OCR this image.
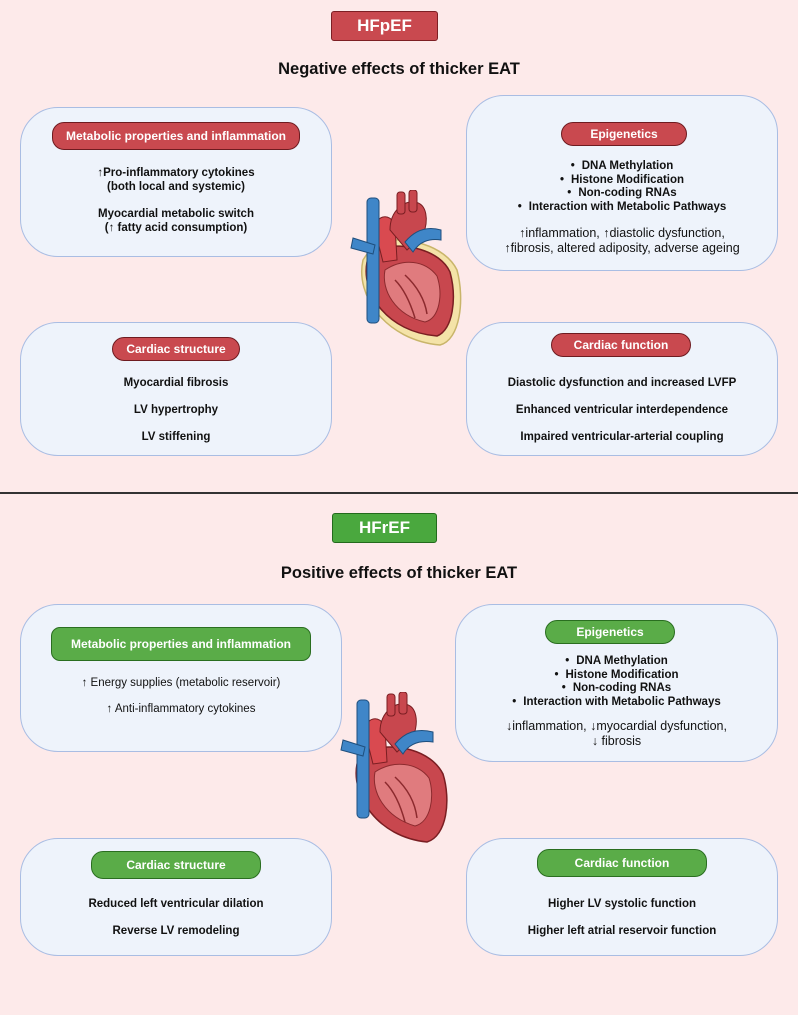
HFpEF
Negative effects of thicker EAT
Metabolic properties and inflammation
↑Pro-inflammatory cytokines
(both local and systemic)
Myocardial metabolic switch
(↑ fatty acid consumption)
Epigenetics
• DNA Methylation
• Histone Modification
• Non-coding RNAs
• Interaction with Metabolic Pathways
↑inflammation, ↑diastolic dysfunction,
↑fibrosis, altered adiposity, adverse ageing
Cardiac structure
Myocardial fibrosis
LV hypertrophy
LV stiffening
Cardiac function
Diastolic dysfunction and increased LVFP
Enhanced ventricular interdependence
Impaired ventricular-arterial coupling
HFrEF
Positive effects of thicker EAT
Metabolic properties and inflammation
↑ Energy supplies (metabolic reservoir)
↑ Anti-inflammatory cytokines
Epigenetics
• DNA Methylation
• Histone Modification
• Non-coding RNAs
• Interaction with Metabolic Pathways
↓inflammation, ↓myocardial dysfunction,
↓ fibrosis
Cardiac structure
Reduced left ventricular dilation
Reverse LV remodeling
Cardiac function
Higher LV systolic function
Higher left atrial reservoir function
